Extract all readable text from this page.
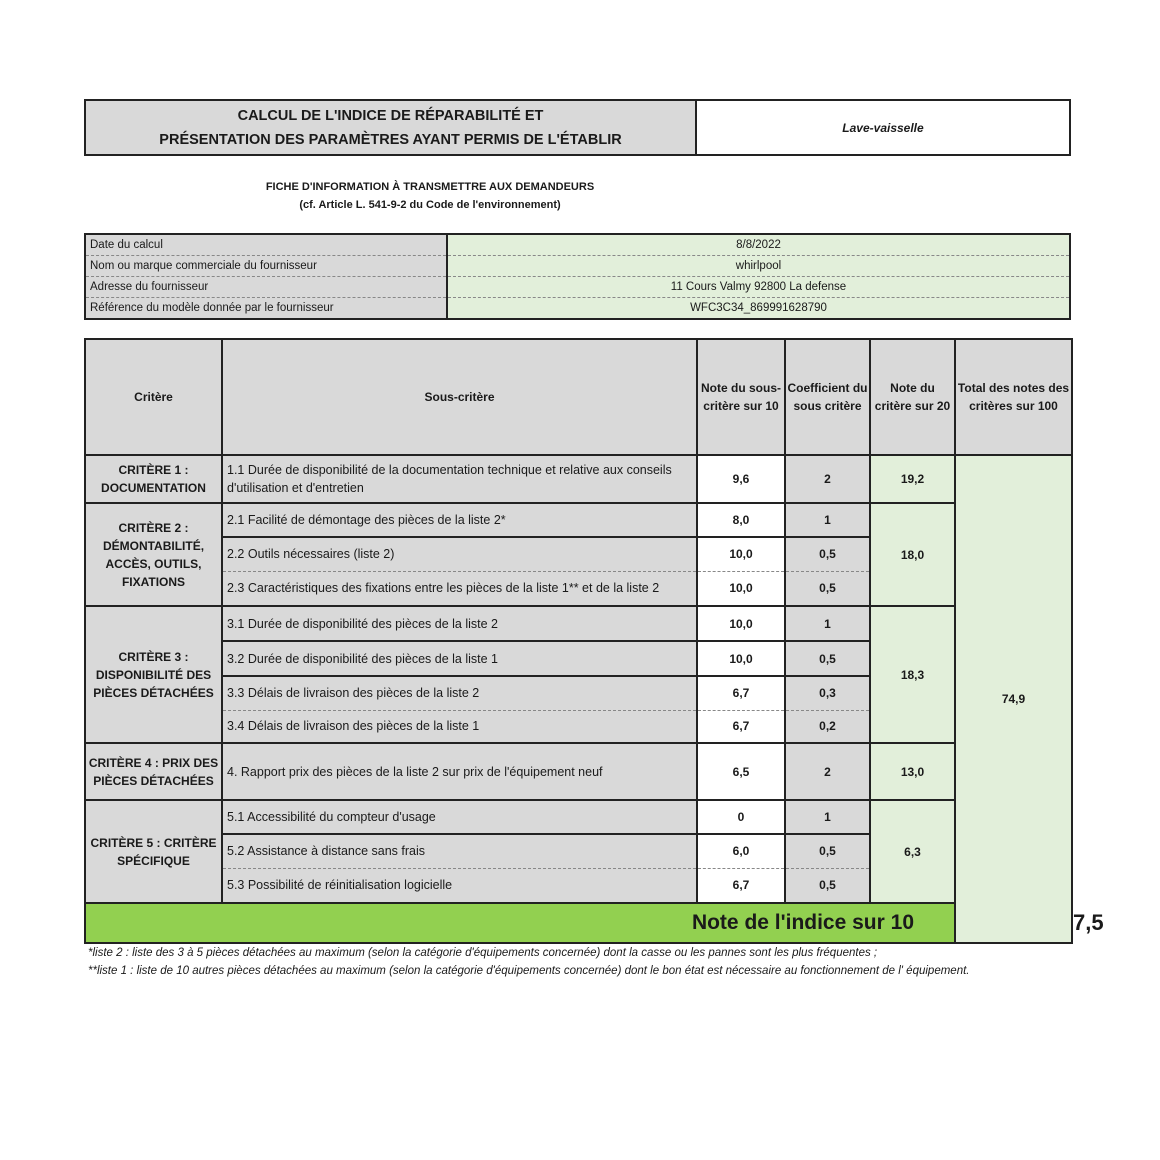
CALCUL DE L'INDICE DE RÉPARABILITÉ ET
PRÉSENTATION DES PARAMÈTRES AYANT PERMIS DE L'ÉTABLIR
Lave-vaisselle
FICHE D'INFORMATION À TRANSMETTRE AUX DEMANDEURS
(cf. Article L. 541-9-2 du Code de l'environnement)
Date du calcul	8/8/2022
Nom ou marque commerciale du fournisseur	whirlpool
Adresse du fournisseur	11 Cours Valmy 92800 La defense
Référence du modèle donnée par le fournisseur	WFC3C34_869991628790
Critère	Sous-critère	Note du sous-critère sur 10	Coefficient du sous critère	Note du critère sur 20	Total des notes des critères sur 100	
CRITÈRE 1 : DOCUMENTATION	1.1 Durée de disponibilité de la documentation technique et relative aux conseils d'utilisation et d'entretien	9,6	2	19,2	74,9	
CRITÈRE 2 : DÉMONTABILITÉ, ACCÈS, OUTILS, FIXATIONS	2.1 Facilité de démontage des pièces de la liste 2*	8,0	1	18,0		
	2.2 Outils nécessaires (liste 2)	10,0	0,5			
	2.3 Caractéristiques des fixations entre les pièces de la liste 1** et de la liste 2	10,0	0,5			
CRITÈRE 3 : DISPONIBILITÉ DES PIÈCES DÉTACHÉES	3.1 Durée de disponibilité des pièces de la liste 2	10,0	1	18,3		
	3.2 Durée de disponibilité des pièces de la liste 1	10,0	0,5			
	3.3 Délais de livraison des pièces de la liste 2	6,7	0,3			
	3.4 Délais de livraison des pièces de la liste 1	6,7	0,2			
CRITÈRE 4 : PRIX DES PIÈCES DÉTACHÉES	4. Rapport prix des pièces de la liste 2 sur prix de l'équipement neuf	6,5	2	13,0		
CRITÈRE 5 : CRITÈRE SPÉCIFIQUE	5.1 Accessibilité du compteur d'usage	0	1	6,3		
	5.2 Assistance à distance sans frais	6,0	0,5			
	5.3 Possibilité de réinitialisation logicielle	6,7	0,5			
Note de l'indice sur 10						7,5
*liste 2 : liste des 3 à 5 pièces détachées au maximum (selon la catégorie d'équipements concernée) dont la casse ou les pannes sont les plus fréquentes ;
**liste 1 : liste de 10 autres pièces détachées au maximum (selon la catégorie d'équipements concernée) dont le bon état est nécessaire au fonctionnement de l' équipement.
